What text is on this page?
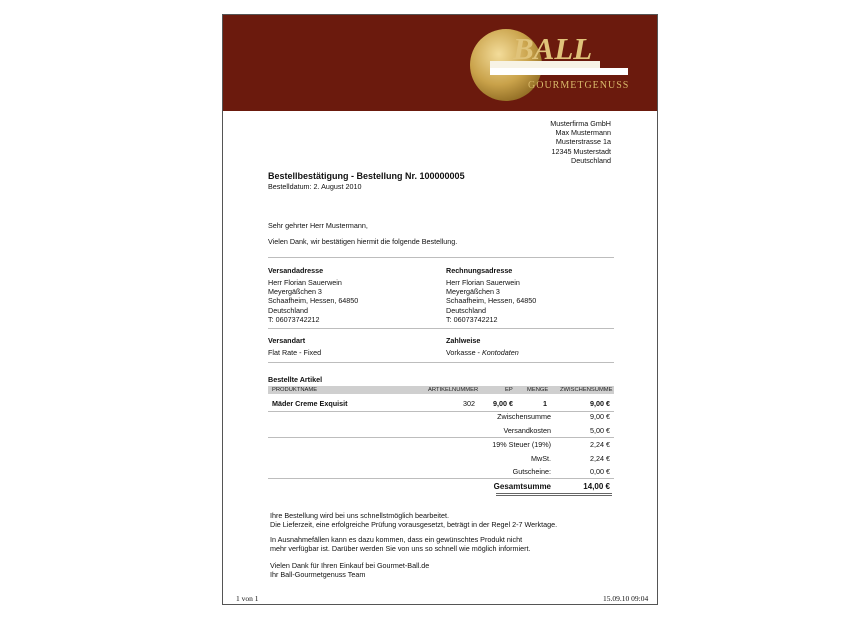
BALL
GOURMETGENUSS
Musterfirma GmbH
Max Mustermann
Musterstrasse 1a
12345 Musterstadt
Deutschland
Bestellbestätigung - Bestellung Nr. 100000005
Bestelldatum: 2. August 2010
Sehr gehrter Herr Mustermann,
Vielen Dank, wir bestätigen hiermit die folgende Bestellung.
Versandadresse
Herr Florian Sauerwein
Meyergäßchen 3
Schaafheim, Hessen, 64850
Deutschland
T: 06073742212
Rechnungsadresse
Herr Florian Sauerwein
Meyergäßchen 3
Schaafheim, Hessen, 64850
Deutschland
T: 06073742212
Versandart
Flat Rate - Fixed
Zahlweise
Vorkasse - Kontodaten
Bestellte Artikel
PRODUKTNAME	ARTIKELNUMMER	EP MENGE ZWISCHENSUMME
Mäder Creme Exquisit	302	9,00 €	1	9,00 €
Zwischensumme	9,00 €
Versandkosten	5,00 €
19% Steuer (19%)	2,24 €
MwSt.	2,24 €
Gutscheine:	0,00 €
Gesamtsumme	14,00 €
Ihre Bestellung wird bei uns schnellstmöglich bearbeitet.
Die Lieferzeit, eine erfolgreiche Prüfung vorausgesetzt, beträgt in der Regel 2-7 Werktage.
In Ausnahmefällen kann es dazu kommen, dass ein gewünschtes Produkt nicht
mehr verfügbar ist. Darüber werden Sie von uns so schnell wie möglich informiert.
Vielen Dank für Ihren Einkauf bei Gourmet-Ball.de
Ihr Ball-Gourmetgenuss Team
1 von 1	15.09.10 09:04
